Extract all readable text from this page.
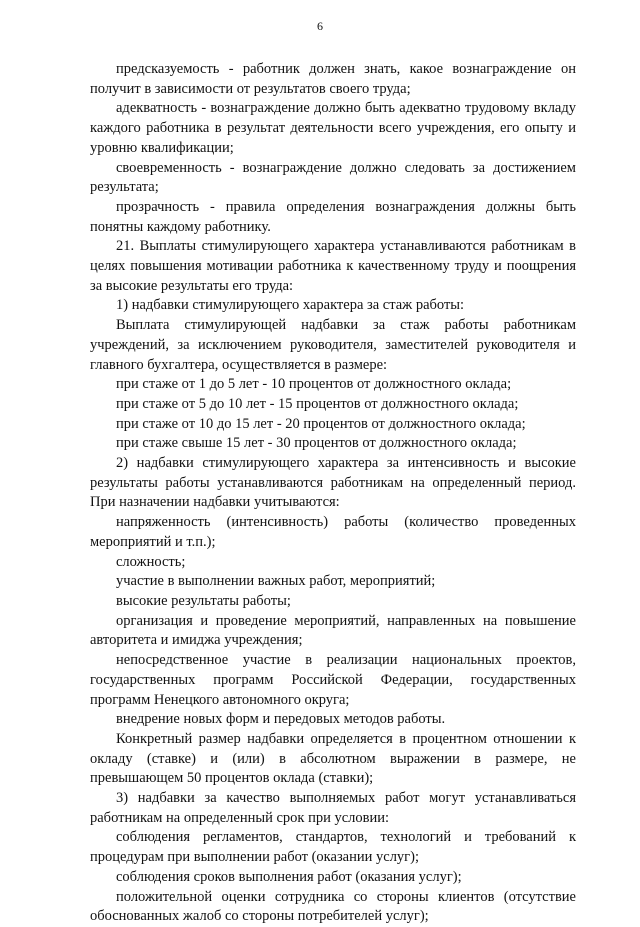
6

предсказуемость - работник должен знать, какое вознаграждение он получит в зависимости от результатов своего труда;

адекватность - вознаграждение должно быть адекватно трудовому вкладу каждого работника в результат деятельности всего учреждения, его опыту и уровню квалификации;

своевременность - вознаграждение должно следовать за достижением результата;

прозрачность - правила определения вознаграждения должны быть понятны каждому работнику.

21. Выплаты стимулирующего характера устанавливаются работникам в целях повышения мотивации работника к качественному труду и поощрения за высокие результаты его труда:

1) надбавки стимулирующего характера за стаж работы:

Выплата стимулирующей надбавки за стаж работы работникам учреждений, за исключением руководителя, заместителей руководителя и главного бухгалтера, осуществляется в размере:

при стаже от 1 до 5 лет - 10 процентов от должностного оклада;

при стаже от 5 до 10 лет - 15 процентов от должностного оклада;

при стаже от 10 до 15 лет - 20 процентов от должностного оклада;

при стаже свыше 15 лет - 30 процентов от должностного оклада;

2) надбавки стимулирующего характера за интенсивность и высокие результаты работы устанавливаются работникам на определенный период. При назначении надбавки учитываются:

напряженность (интенсивность) работы (количество проведенных мероприятий и т.п.);

сложность;

участие в выполнении важных работ, мероприятий;

высокие результаты работы;

организация и проведение мероприятий, направленных на повышение авторитета и имиджа учреждения;

непосредственное участие в реализации национальных проектов, государственных программ Российской Федерации, государственных программ Ненецкого автономного округа;

внедрение новых форм и передовых методов работы.

Конкретный размер надбавки определяется в процентном отношении к окладу (ставке) и (или) в абсолютном выражении в размере, не превышающем 50 процентов оклада (ставки);

3) надбавки за качество выполняемых работ могут устанавливаться работникам на определенный срок при условии:

соблюдения регламентов, стандартов, технологий и требований к процедурам при выполнении работ (оказании услуг);

соблюдения сроков выполнения работ (оказания услуг);

положительной оценки сотрудника со стороны клиентов (отсутствие обоснованных жалоб со стороны потребителей услуг);
